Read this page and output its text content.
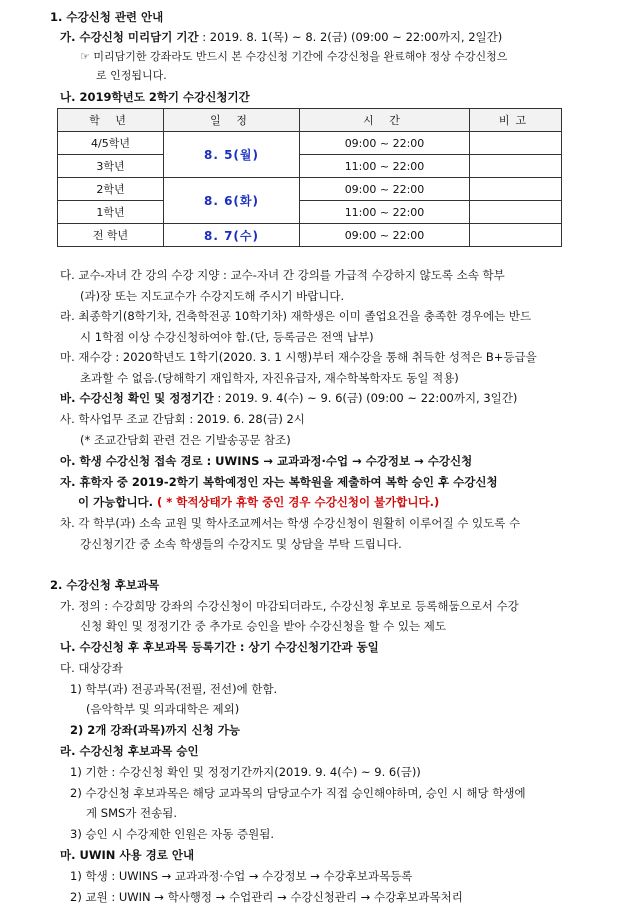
1. 수강신청 관련 안내
가. 수강신청 미리담기 기간 : 2019. 8. 1(목) ~ 8. 2(금) (09:00 ~ 22:00까지, 2일간)
☞ 미리담기한 강좌라도 반드시 본 수강신청 기간에 수강신청을 완료해야 정상 수강신청으
로 인정됩니다.
나. 2019학년도 2학기 수강신청기간
학 년	일 정	시 간	비고
4/5학년	8. 5(월)	09:00 ~ 22:00	
3학년		11:00 ~ 22:00	
2학년	8. 6(화)	09:00 ~ 22:00	
1학년		11:00 ~ 22:00	
전 학년	8. 7(수)	09:00 ~ 22:00	
다. 교수-자녀 간 강의 수강 지양 : 교수-자녀 간 강의를 가급적 수강하지 않도록 소속 학부
(과)장 또는 지도교수가 수강지도해 주시기 바랍니다.
라. 최종학기(8학기차, 건축학전공 10학기차) 재학생은 이미 졸업요건을 충족한 경우에는 반드
시 1학점 이상 수강신청하여야 함.(단, 등록금은 전액 납부)
마. 재수강 : 2020학년도 1학기(2020. 3. 1 시행)부터 재수강을 통해 취득한 성적은 B+등급을
초과할 수 없음.(당해학기 재입학자, 자진유급자, 재수학복학자도 동일 적용)
바. 수강신청 확인 및 정정기간 : 2019. 9. 4(수) ~ 9. 6(금) (09:00 ~ 22:00까지, 3일간)
사. 학사업무 조교 간담회 : 2019. 6. 28(금) 2시
(* 조교간담회 관련 건은 기발송공문 참조)
아. 학생 수강신청 접속 경로 : UWINS → 교과과정·수업 → 수강정보 → 수강신청
자. 휴학자 중 2019-2학기 복학예정인 자는 복학원을 제출하여 복학 승인 후 수강신청
이 가능합니다. ( * 학적상태가 휴학 중인 경우 수강신청이 불가합니다.)
차. 각 학부(과) 소속 교원 및 학사조교께서는 학생 수강신청이 원활히 이루어질 수 있도록 수
강신청기간 중 소속 학생들의 수강지도 및 상담을 부탁 드립니다.
2. 수강신청 후보과목
가. 정의 : 수강희망 강좌의 수강신청이 마감되더라도, 수강신청 후보로 등록해둠으로서 수강
신청 확인 및 정정기간 중 추가로 승인을 받아 수강신청을 할 수 있는 제도
나. 수강신청 후 후보과목 등록기간 : 상기 수강신청기간과 동일
다. 대상강좌
1) 학부(과) 전공과목(전필, 전선)에 한함.
(음악학부 및 의과대학은 제외)
2) 2개 강좌(과목)까지 신청 가능
라. 수강신청 후보과목 승인
1) 기한 : 수강신청 확인 및 정정기간까지(2019. 9. 4(수) ~ 9. 6(금))
2) 수강신청 후보과목은 해당 교과목의 담당교수가 직접 승인해야하며, 승인 시 해당 학생에
게 SMS가 전송됨.
3) 승인 시 수강제한 인원은 자동 증원됨.
마. UWIN 사용 경로 안내
1) 학생 : UWINS → 교과과정·수업 → 수강정보 → 수강후보과목등록
2) 교원 : UWIN → 학사행정 → 수업관리 → 수강신청관리 → 수강후보과목처리
